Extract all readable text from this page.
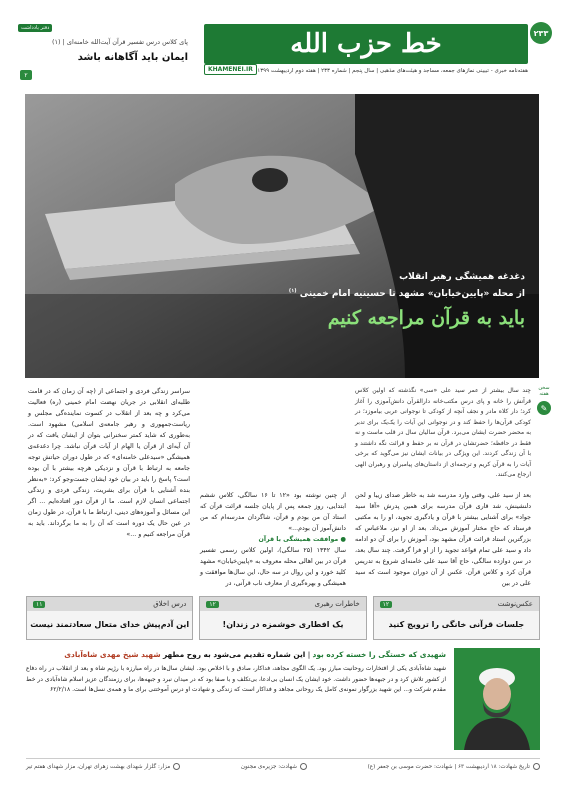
۲۳۳
خط حزب الله
هفته‌نامه خبری - تبیینی نمازهای جمعه، مساجد و هیئت‌های مذهبی | سال پنجم | شماره ۲۳۳ | هفته دوم اردیبهشت ۱۳۹۹
KHAMENEI.IR
دفتر یادداشت
پای کلاس درس تفسیر قرآن آیت‌الله خامنه‌ای | (۱)
ایمان باید آگاهانه باشد
۲
دغدغه همیشگی رهبر انقلاب
از محله «پایین‌خیابان» مشهد تا حسینیه امام خمینی $^{(۱)}$
باید به قرآن مراجعه کنیم
سخن هفته
✎
چند سال بیشتر از عمر سید علی «سی» نگذشته که اولین کلاس قرآنش را خانه و پای درس مکتب‌خانه دارالقرآن دانش‌آموزی را آغاز کرد؛ دار کلاه مادر و نجف آنچه از کودکی تا نوجوانی عربی بیاموزد؛ در کودکی قرآن‌ها را حفظ کند و در نوجوانی این آیات را یک‌یک برای تدبر به محضر حضرت ایشان می‌برد. قرآن سالیان سال در قلب ماست و نه فقط در حافظه؛ حضرتشان در قرآن نه بر حفظ و قرائت نگه داشتند و با آن زندگی کردند. این ویژگی در بیانات ایشان نیز می‌گوید که برخی آیات را به قرآن کریم و ترجمه‌ای از داستان‌های پیامبران و رهبران الهی ارجاع می‌کنند.
بعد از سید علی، وقتی وارد مدرسه شد به خاطر صدای زیبا و لحن دلنشینش، شد قاری قرآن مدرسه برای همین پدرش «آقا سید جواد» برای آشنایی بیشتر با قرآن و یادگیری تجوید، او را به مکتبی فرستاد که حاج مختار آموزش می‌داد. بعد از او نیز، ملاعباس که بزرگترین استاد قرائت قرآن مشهد بود، آموزش را برای آن دو ادامه داد و سید علی تمام قواعد تجوید را از او فرا گرفت. چند سال بعد، در سن دوازده سالگی، حاج آقا سید علی خامنه‌ای شروع به تدریس قرآن کرد و کلاس قرآن. عکس از آن دوران موجود است که سید علی در بین
از چنین نوشته بود «۱۲ تا ۱۶ سالگی، کلاس ششم ابتدایی، روز جمعه پس از پایان جلسه قرائت قرآن که استاد آن من بودم و قرآن، شاگردان مدرسه‌ام که من دانش‌آموز آن بودم...»
● موافقت همیشگی با قرآن
سال ۱۳۴۲ (۲۵ سالگی)، اولین کلاس رسمی تفسیر قرآن در بین اهالی محله معروف به «پایین‌خیابان» مشهد کلید خورد و این روال در سه حال، این سال‌ها موافقت و همیشگی و بهره‌گیری از معارف ناب قرآنی، در
سراسر زندگی فردی و اجتماعی از (چه آن زمان که در قامت طلبه‌ای انقلابی در جریان نهضت امام خمینی (ره) فعالیت می‌کرد و چه بعد از انقلاب در کسوت نماینده‌گی مجلس و ریاست‌جمهوری و رهبر جامعه‌ی اسلامی) مشهود است. به‌طوری که شاید کمتر سخنرانی بتوان از ایشان یافت که در آن آیه‌ای از قرآن یا الهام از آیات قرآن نباشد. چرا دغدغه‌ی همیشگی «سید‌علی خامنه‌ای» که در طول دوران حیاتش توجه جامعه به ارتباط با قرآن و نزدیکی هرچه بیشتر با آن بوده است؟ پاسخ را باید در بیان خود ایشان جست‌وجو کرد: «به‌نظر بنده آشنایی با قرآن برای بشریت، زندگی فردی و زندگی اجتماعی انسان لازم است. ما از قرآن دور افتاده‌ایم ... اگر این مسائل و آموزه‌های دینی، ارتباط ما با قرآن، در طول زمان در عین حال یک دوره است که آن را به ما برگرداند. باید به قرآن مراجعه کنیم و ...»
عکس‌نوشت
۱۲
جلسات قرآنی خانگی را ترویج کنید
خاطرات رهبری
۱۲
یک افطاری خوشمزه در زندان!
درس اخلاق
۱۱
این آدم‌پیش خدای متعال سعادتمند نیست
شهیدی که خستگی را خسته کرده بود | این شماره تقدیم می‌شود به روح مطهر شهید شیخ مهدی شاه‌آبادی
شهید شاه‌آبادی یکی از افتخارات روحانیت مبارز بود. یک الگوی مجاهد، فداکار، صادق و با اخلاص بود. ایشان سال‌ها در راه مبارزه با رژیم شاه و بعد از انقلاب در راه دفاع از کشور تلاش کرد و در جبهه‌ها حضور داشت. خود ایشان یک انسان بی‌ادعا، بی‌تکلف و با صفا بود که در میدان نبرد و جبهه‌ها، برای رزمندگان عزیز اسلام شاه‌آبادی در خط مقدم شرکت و... این شهید بزرگوار نمونه‌ی کامل یک روحانی مجاهد و فداکار است که زندگی و شهادت او درس آموختنی برای ما و همه‌ی نسل‌ها است. ۶۲/۲/۱۸
تاریخ شهادت: ۱۸ اردیبهشت ۶۳ | شهادت: حضرت موسی بن جعفر (ع)
شهادت: جزیره‌ی مجنون
مزار: گلزار شهدای بهشت زهرای تهران، مزار شهدای هفتم تیر
